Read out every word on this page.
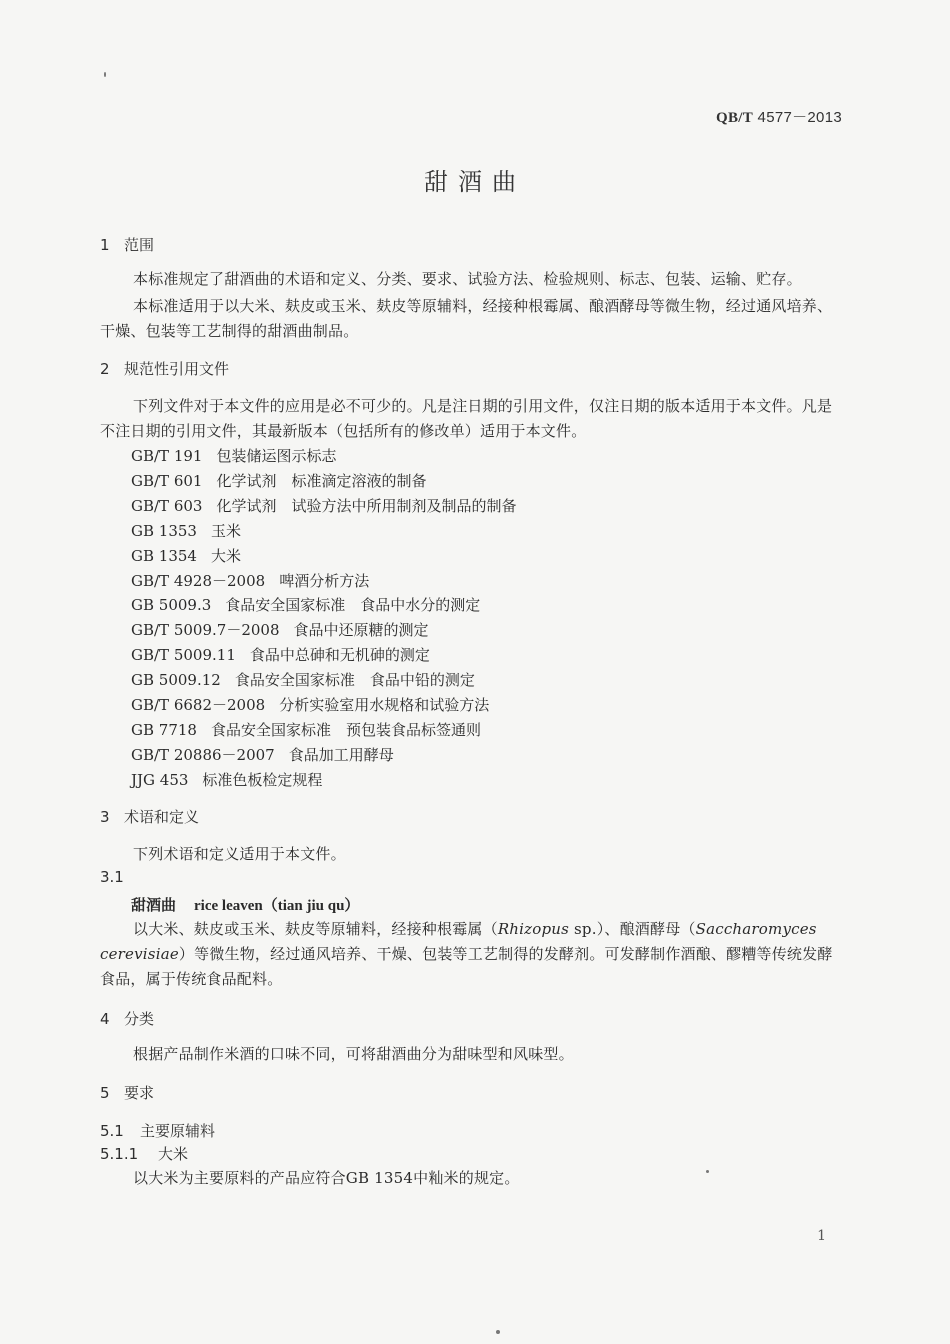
QB/T 4577－2013
甜酒曲
1 范围
本标准规定了甜酒曲的术语和定义、分类、要求、试验方法、检验规则、标志、包装、运输、贮存。
本标准适用于以大米、麸皮或玉米、麸皮等原辅料，经接种根霉属、酿酒酵母等微生物，经过通风培养、干燥、包装等工艺制得的甜酒曲制品。
2 规范性引用文件
下列文件对于本文件的应用是必不可少的。凡是注日期的引用文件，仅注日期的版本适用于本文件。凡是不注日期的引用文件，其最新版本（包括所有的修改单）适用于本文件。
GB/T 191 包装储运图示标志
GB/T 601 化学试剂　标准滴定溶液的制备
GB/T 603 化学试剂　试验方法中所用制剂及制品的制备
GB 1353 玉米
GB 1354 大米
GB/T 4928－2008 啤酒分析方法
GB 5009.3 食品安全国家标准　食品中水分的测定
GB/T 5009.7－2008 食品中还原糖的测定
GB/T 5009.11 食品中总砷和无机砷的测定
GB 5009.12 食品安全国家标准　食品中铅的测定
GB/T 6682－2008 分析实验室用水规格和试验方法
GB 7718 食品安全国家标准　预包装食品标签通则
GB/T 20886－2007 食品加工用酵母
JJG 453 标准色板检定规程
3 术语和定义
下列术语和定义适用于本文件。
3.1
甜酒曲 rice leaven（tian jiu qu）
以大米、麸皮或玉米、麸皮等原辅料，经接种根霉属（Rhizopus sp.）、酿酒酵母（Saccharomyces cerevisiae）等微生物，经过通风培养、干燥、包装等工艺制得的发酵剂。可发酵制作酒酿、醪糟等传统发酵食品，属于传统食品配料。
4 分类
根据产品制作米酒的口味不同，可将甜酒曲分为甜味型和风味型。
5 要求
5.1 主要原辅料
5.1.1 大米
以大米为主要原料的产品应符合GB 1354中籼米的规定。
1
